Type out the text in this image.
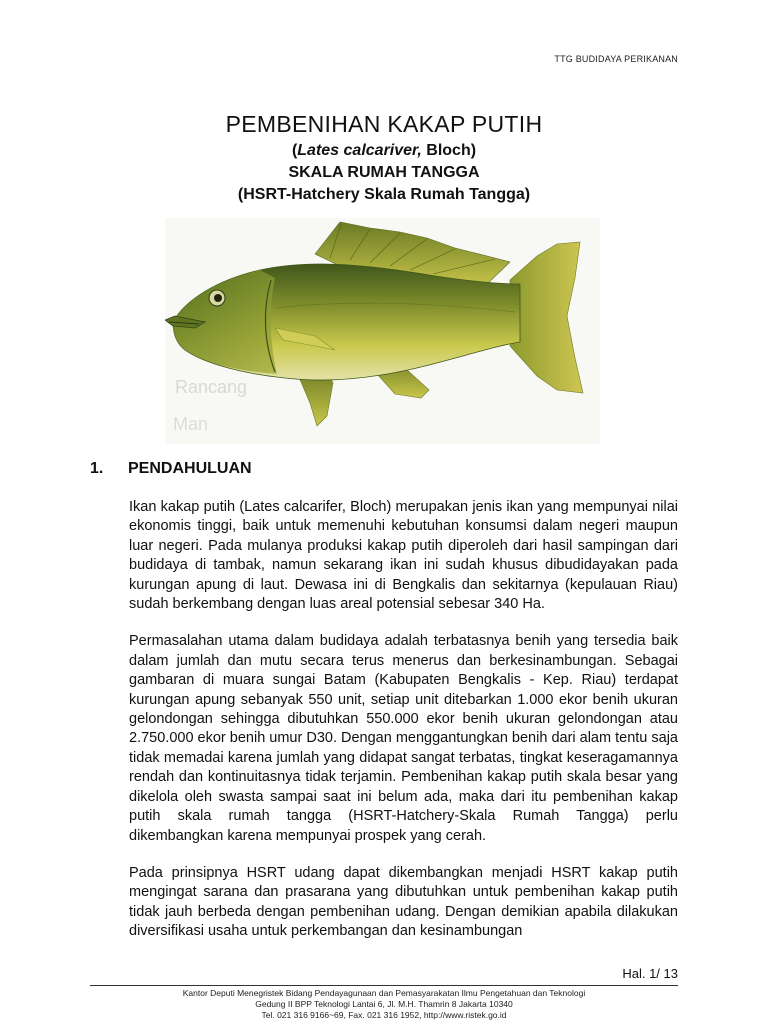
TTG BUDIDAYA PERIKANAN

PEMBENIHAN KAKAP PUTIH

(Lates calcariver, Bloch)

SKALA RUMAH TANGGA

(HSRT-Hatchery Skala Rumah Tangga)

Rancang
Man
1. PENDAHULUAN

Ikan kakap putih (Lates calcarifer, Bloch) merupakan jenis ikan yang mempunyai nilai ekonomis tinggi, baik untuk memenuhi kebutuhan konsumsi dalam negeri maupun luar negeri. Pada mulanya produksi kakap putih diperoleh dari hasil sampingan dari budidaya di tambak, namun sekarang ikan ini sudah khusus dibudidayakan pada kurungan apung di laut. Dewasa ini di Bengkalis dan sekitarnya (kepulauan Riau) sudah berkembang dengan luas areal potensial sebesar 340 Ha.

Permasalahan utama dalam budidaya adalah terbatasnya benih yang tersedia baik dalam jumlah dan mutu secara terus menerus dan berkesinambungan. Sebagai gambaran di muara sungai Batam (Kabupaten Bengkalis - Kep. Riau) terdapat kurungan apung sebanyak 550 unit, setiap unit ditebarkan 1.000 ekor benih ukuran gelondongan sehingga dibutuhkan 550.000 ekor benih ukuran gelondongan atau 2.750.000 ekor benih umur D30. Dengan menggantungkan benih dari alam tentu saja tidak memadai karena jumlah yang didapat sangat terbatas, tingkat keseragamannya rendah dan kontinuitasnya tidak terjamin. Pembenihan kakap putih skala besar yang dikelola oleh swasta sampai saat ini belum ada, maka dari itu pembenihan kakap putih skala rumah tangga (HSRT-Hatchery-Skala Rumah Tangga) perlu dikembangkan karena mempunyai prospek yang cerah.

Pada prinsipnya HSRT udang dapat dikembangkan menjadi HSRT kakap putih mengingat sarana dan prasarana yang dibutuhkan untuk pembenihan kakap putih tidak jauh berbeda dengan pembenihan udang. Dengan demikian apabila dilakukan diversifikasi usaha untuk perkembangan dan kesinambungan

Hal. 1/ 13
Kantor Deputi Menegristek Bidang Pendayagunaan dan Pemasyarakatan Ilmu Pengetahuan dan Teknologi
Gedung II BPP Teknologi Lantai 6, Jl. M.H. Thamrin 8 Jakarta 10340
Tel. 021 316 9166~69, Fax. 021 316 1952, http://www.ristek.go.id
